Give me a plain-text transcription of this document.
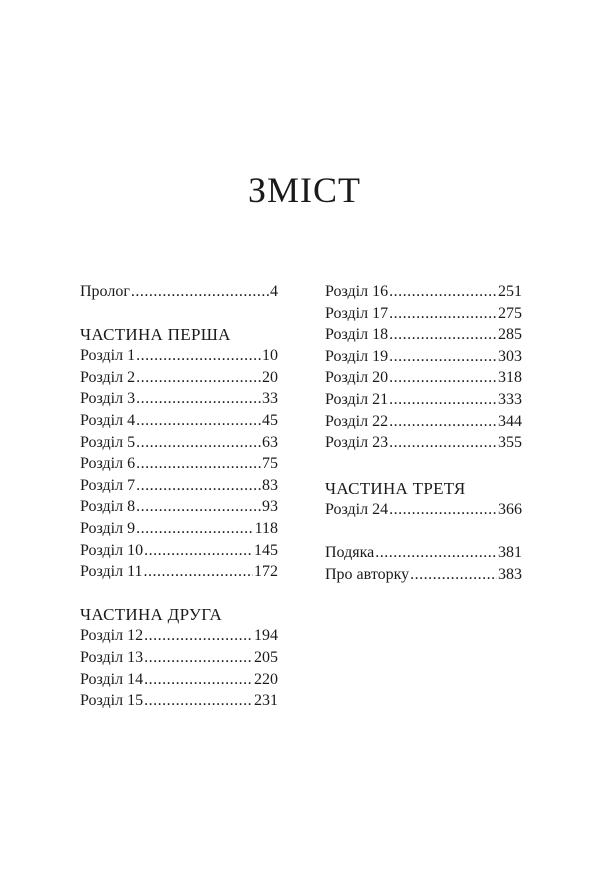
ЗМІСТ
Пролог .....	4
ЧАСТИНА ПЕРША
Розділ 1 .....	10
Розділ 2 .....	20
Розділ 3 .....	33
Розділ 4 .....	45
Розділ 5 .....	63
Розділ 6 .....	75
Розділ 7 .....	83
Розділ 8 .....	93
Розділ 9 .....	118
Розділ 10 .....	145
Розділ 11 .....	172
ЧАСТИНА ДРУГА
Розділ 12 .....	194
Розділ 13 .....	205
Розділ 14 .....	220
Розділ 15 .....	231
Розділ 16 .....	251
Розділ 17 .....	275
Розділ 18 .....	285
Розділ 19 .....	303
Розділ 20 .....	318
Розділ 21 .....	333
Розділ 22 .....	344
Розділ 23 .....	355
ЧАСТИНА ТРЕТЯ
Розділ 24 .....	366
Подяка .....	381
Про авторку .....	383
